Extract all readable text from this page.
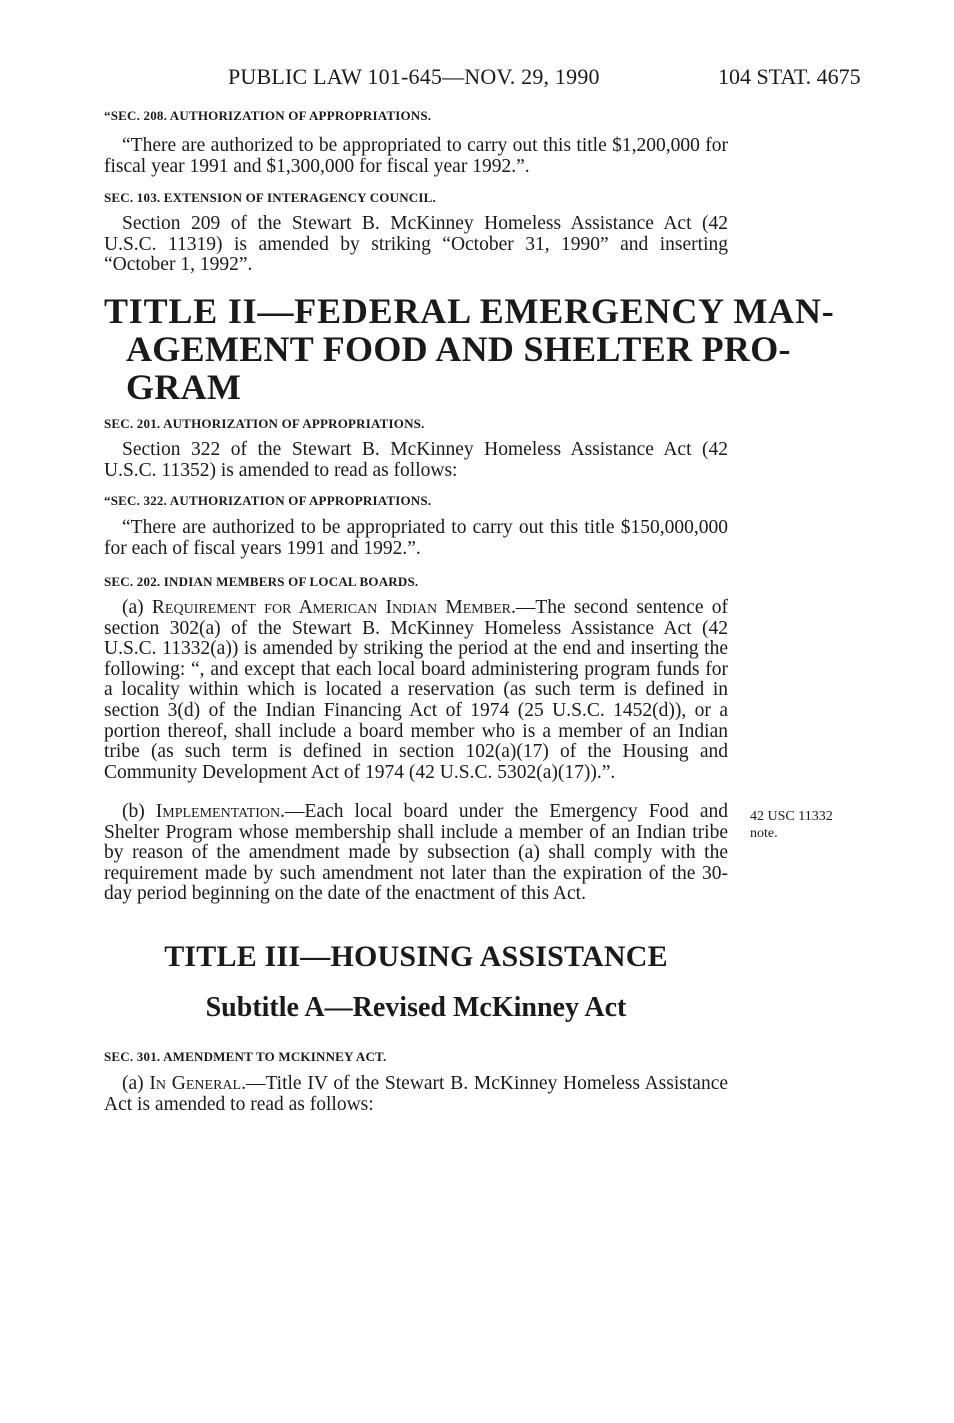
PUBLIC LAW 101-645—NOV. 29, 1990	104 STAT. 4675
“SEC. 208. AUTHORIZATION OF APPROPRIATIONS.
“There are authorized to be appropriated to carry out this title $1,200,000 for fiscal year 1991 and $1,300,000 for fiscal year 1992.”.
SEC. 103. EXTENSION OF INTERAGENCY COUNCIL.
Section 209 of the Stewart B. McKinney Homeless Assistance Act (42 U.S.C. 11319) is amended by striking “October 31, 1990” and inserting “October 1, 1992”.
TITLE II—FEDERAL EMERGENCY MAN-
AGEMENT FOOD AND SHELTER PRO-
GRAM
SEC. 201. AUTHORIZATION OF APPROPRIATIONS.
Section 322 of the Stewart B. McKinney Homeless Assistance Act (42 U.S.C. 11352) is amended to read as follows:
“SEC. 322. AUTHORIZATION OF APPROPRIATIONS.
“There are authorized to be appropriated to carry out this title $150,000,000 for each of fiscal years 1991 and 1992.”.
SEC. 202. INDIAN MEMBERS OF LOCAL BOARDS.
(a) Requirement for American Indian Member.—The second sentence of section 302(a) of the Stewart B. McKinney Homeless Assistance Act (42 U.S.C. 11332(a)) is amended by striking the period at the end and inserting the following: “, and except that each local board administering program funds for a locality within which is located a reservation (as such term is defined in section 3(d) of the Indian Financing Act of 1974 (25 U.S.C. 1452(d)), or a portion thereof, shall include a board member who is a member of an Indian tribe (as such term is defined in section 102(a)(17) of the Housing and Community Development Act of 1974 (42 U.S.C. 5302(a)(17)).”.
(b) Implementation.—Each local board under the Emergency Food and Shelter Program whose membership shall include a member of an Indian tribe by reason of the amendment made by subsection (a) shall comply with the requirement made by such amendment not later than the expiration of the 30-day period beginning on the date of the enactment of this Act.
42 USC 11332
note.
TITLE III—HOUSING ASSISTANCE
Subtitle A—Revised McKinney Act
SEC. 301. AMENDMENT TO MCKINNEY ACT.
(a) In General.—Title IV of the Stewart B. McKinney Homeless Assistance Act is amended to read as follows:
